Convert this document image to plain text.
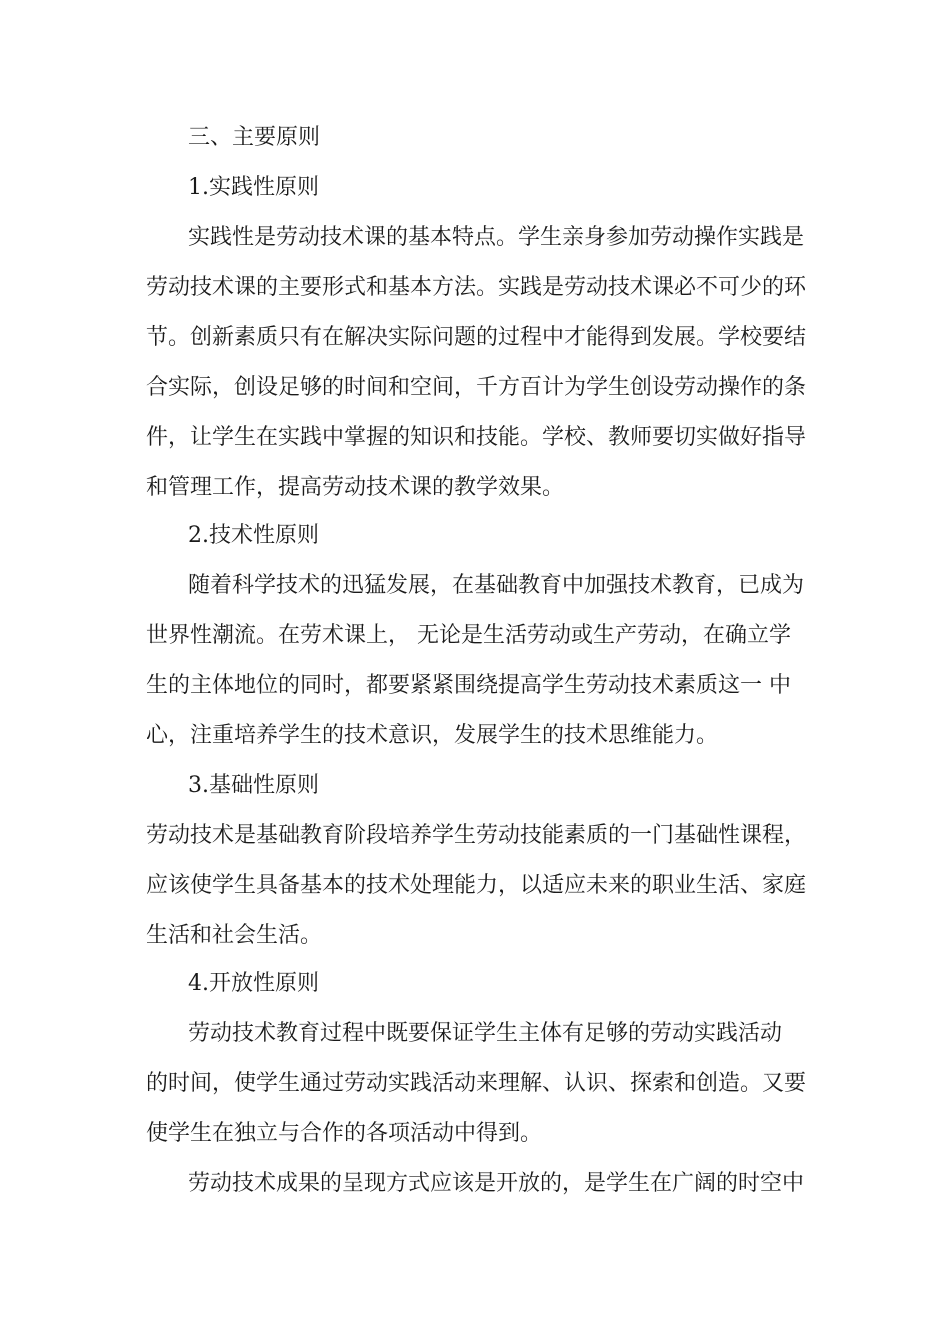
三、主要原则
1.实践性原则
实践性是劳动技术课的基本特点。学生亲身参加劳动操作实践是
劳动技术课的主要形式和基本方法。实践是劳动技术课必不可少的环
节。创新素质只有在解决实际问题的过程中才能得到发展。学校要结
合实际，创设足够的时间和空间，千方百计为学生创设劳动操作的条
件，让学生在实践中掌握的知识和技能。学校、教师要切实做好指导
和管理工作，提高劳动技术课的教学效果。
2.技术性原则
随着科学技术的迅猛发展，在基础教育中加强技术教育，已成为
世界性潮流。在劳术课上， 无论是生活劳动或生产劳动，在确立学
生的主体地位的同时，都要紧紧围绕提高学生劳动技术素质这一 中
心，注重培养学生的技术意识，发展学生的技术思维能力。
3.基础性原则
劳动技术是基础教育阶段培养学生劳动技能素质的一门基础性课程，
应该使学生具备基本的技术处理能力，以适应未来的职业生活、家庭
生活和社会生活。
4.开放性原则
劳动技术教育过程中既要保证学生主体有足够的劳动实践活动
的时间，使学生通过劳动实践活动来理解、认识、探索和创造。又要
使学生在独立与合作的各项活动中得到。
劳动技术成果的呈现方式应该是开放的，是学生在广阔的时空中
